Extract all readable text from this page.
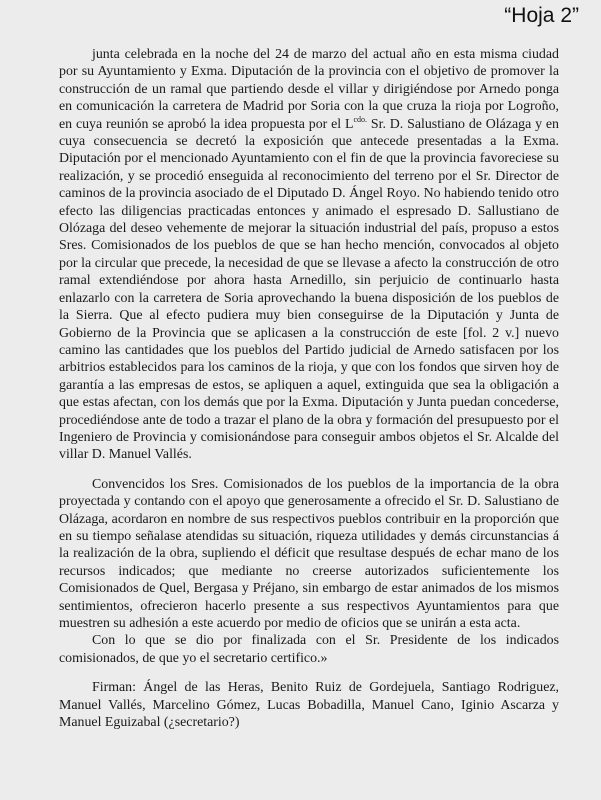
“Hoja 2”

junta celebrada en la noche del 24 de marzo del actual año en esta misma ciudad por su Ayuntamiento y Exma. Diputación de la provincia con el objetivo de promover la construcción de un ramal que partiendo desde el villar y dirigiéndose por Arnedo ponga en comunicación la carretera de Madrid por Soria con la que cruza la rioja por Logroño, en cuya reunión se aprobó la idea propuesta por el $L^{cdo.}$ Sr. D. Salustiano de Olázaga y en cuya consecuencia se decretó la exposición que antecede presentadas a la Exma. Diputación por el mencionado Ayuntamiento con el fin de que la provincia favoreciese su realización, y se procedió enseguida al reconocimiento del terreno por el Sr. Director de caminos de la provincia asociado de el Diputado D. Ángel Royo. No habiendo tenido otro efecto las diligencias practicadas entonces y animado el espresado D. Sallustiano de Olózaga del deseo vehemente de mejorar la situación industrial del país, propuso a estos Sres. Comisionados de los pueblos de que se han hecho mención, convocados al objeto por la circular que precede, la necesidad de que se llevase a afecto la construcción de otro ramal extendiéndose por ahora hasta Arnedillo, sin perjuicio de continuarlo hasta enlazarlo con la carretera de Soria aprovechando la buena disposición de los pueblos de la Sierra. Que al efecto pudiera muy bien conseguirse de la Diputación y Junta de Gobierno de la Provincia que se aplicasen a la construcción de este [fol. 2 v.] nuevo camino las cantidades que los pueblos del Partido judicial de Arnedo satisfacen por los arbitrios establecidos para los caminos de la rioja, y que con los fondos que sirven hoy de garantía a las empresas de estos, se apliquen a aquel, extinguida que sea la obligación a que estas afectan, con los demás que por la Exma. Diputación y Junta puedan concederse, procediéndose ante de todo a trazar el plano de la obra y formación del presupuesto por el Ingeniero de Provincia y comisionándose para conseguir ambos objetos el Sr. Alcalde del villar D. Manuel Vallés.

Convencidos los Sres. Comisionados de los pueblos de la importancia de la obra proyectada y contando con el apoyo que generosamente a ofrecido el Sr. D. Salustiano de Olázaga, acordaron en nombre de sus respectivos pueblos contribuir en la proporción que en su tiempo señalase atendidas su situación, riqueza utilidades y demás circunstancias á la realización de la obra, supliendo el déficit que resultase después de echar mano de los recursos indicados; que mediante no creerse autorizados suficientemente los Comisionados de Quel, Bergasa y Préjano, sin embargo de estar animados de los mismos sentimientos, ofrecieron hacerlo presente a sus respectivos Ayuntamientos para que muestren su adhesión a este acuerdo por medio de oficios que se unirán a esta acta.

Con lo que se dio por finalizada con el Sr. Presidente de los indicados comisionados, de que yo el secretario certifico.»

Firman: Ángel de las Heras, Benito Ruiz de Gordejuela, Santiago Rodriguez, Manuel Vallés, Marcelino Gómez, Lucas Bobadilla, Manuel Cano, Iginio Ascarza y Manuel Eguizabal (¿secretario?)
